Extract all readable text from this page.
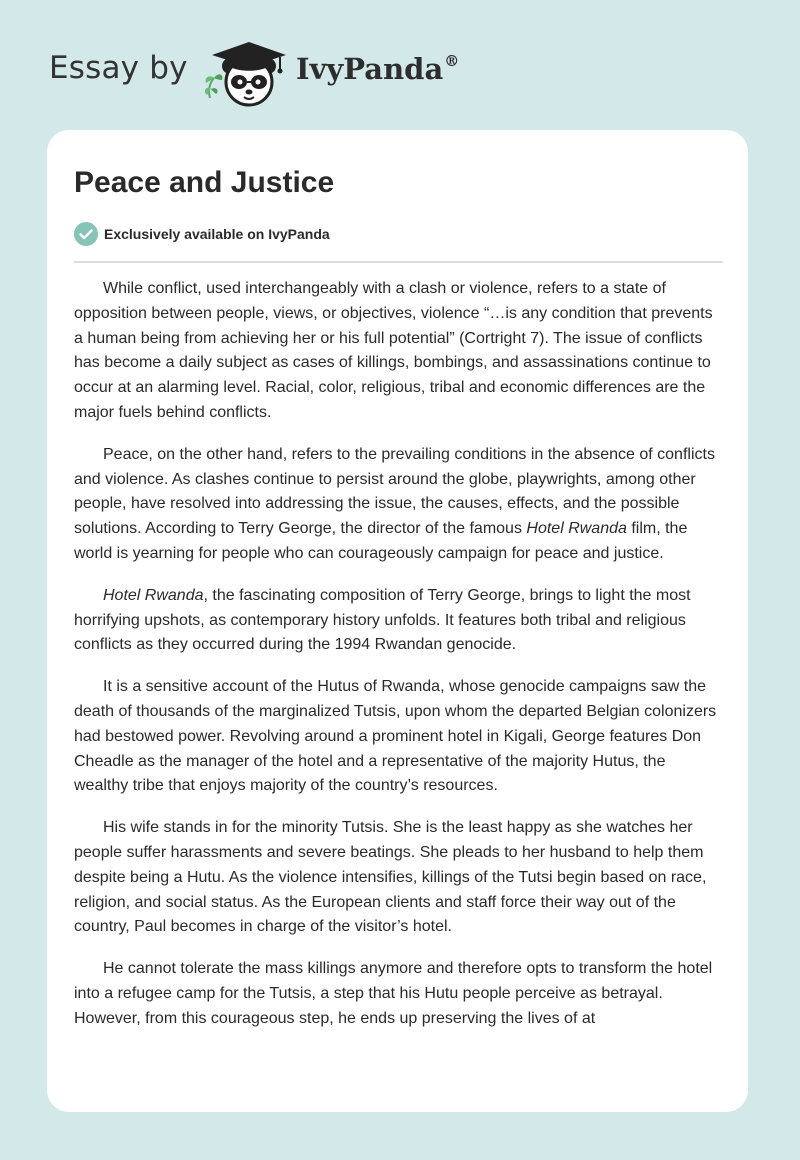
Essay by	IvyPanda®
Peace and Justice
Exclusively available on IvyPanda

While conflict, used interchangeably with a clash or violence, refers to a state of opposition between people, views, or objectives, violence “…is any condition that prevents a human being from achieving her or his full potential” (Cortright 7). The issue of conflicts has become a daily subject as cases of killings, bombings, and assassinations continue to occur at an alarming level. Racial, color, religious, tribal and economic differences are the major fuels behind conflicts.

Peace, on the other hand, refers to the prevailing conditions in the absence of conflicts and violence. As clashes continue to persist around the globe, playwrights, among other people, have resolved into addressing the issue, the causes, effects, and the possible solutions. According to Terry George, the director of the famous Hotel Rwanda film, the world is yearning for people who can courageously campaign for peace and justice.

Hotel Rwanda, the fascinating composition of Terry George, brings to light the most horrifying upshots, as contemporary history unfolds. It features both tribal and religious conflicts as they occurred during the 1994 Rwandan genocide.

It is a sensitive account of the Hutus of Rwanda, whose genocide campaigns saw the death of thousands of the marginalized Tutsis, upon whom the departed Belgian colonizers had bestowed power. Revolving around a prominent hotel in Kigali, George features Don Cheadle as the manager of the hotel and a representative of the majority Hutus, the wealthy tribe that enjoys majority of the country’s resources.

His wife stands in for the minority Tutsis. She is the least happy as she watches her people suffer harassments and severe beatings. She pleads to her husband to help them despite being a Hutu. As the violence intensifies, killings of the Tutsi begin based on race, religion, and social status. As the European clients and staff force their way out of the country, Paul becomes in charge of the visitor’s hotel.

He cannot tolerate the mass killings anymore and therefore opts to transform the hotel into a refugee camp for the Tutsis, a step that his Hutu people perceive as betrayal. However, from this courageous step, he ends up preserving the lives of at
